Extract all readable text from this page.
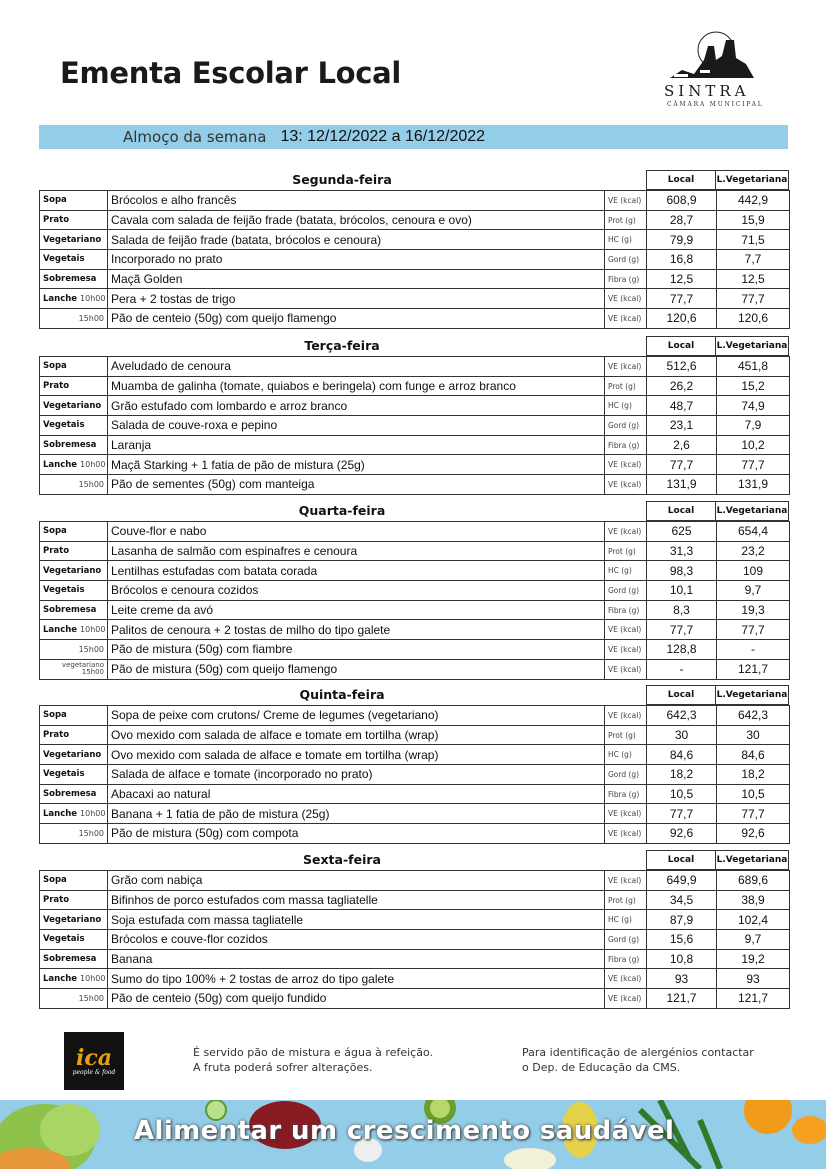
Ementa Escolar Local
SINTRA
CÂMARA MUNICIPAL
Almoço da semana 13: 12/12/2022 a 16/12/2022
Segunda-feira	Local	L.Vegetariana
Sopa	Brócolos e alho francês	VE (kcal)	608,9	442,9
Prato	Cavala com salada de feijão frade (batata, brócolos, cenoura e ovo)	Prot (g)	28,7	15,9
Vegetariano	Salada de feijão frade (batata, brócolos e cenoura)	HC (g)	79,9	71,5
Vegetais	Incorporado no prato	Gord (g)	16,8	7,7
Sobremesa	Maçã Golden	Fibra (g)	12,5	12,5
Lanche 10h00	Pera + 2 tostas de trigo	VE (kcal)	77,7	77,7
15h00	Pão de centeio (50g) com queijo flamengo	VE (kcal)	120,6	120,6
Terça-feira	Local	L.Vegetariana
Sopa	Aveludado de cenoura	VE (kcal)	512,6	451,8
Prato	Muamba de galinha (tomate, quiabos e beringela) com funge e arroz branco	Prot (g)	26,2	15,2
Vegetariano	Grão estufado com lombardo e arroz branco	HC (g)	48,7	74,9
Vegetais	Salada de couve-roxa e pepino	Gord (g)	23,1	7,9
Sobremesa	Laranja	Fibra (g)	2,6	10,2
Lanche 10h00	Maçã Starking + 1 fatia de pão de mistura (25g)	VE (kcal)	77,7	77,7
15h00	Pão de sementes (50g) com manteiga	VE (kcal)	131,9	131,9
Quarta-feira	Local	L.Vegetariana
Sopa	Couve-flor e nabo	VE (kcal)	625	654,4
Prato	Lasanha de salmão com espinafres e cenoura	Prot (g)	31,3	23,2
Vegetariano	Lentilhas estufadas com batata corada	HC (g)	98,3	109
Vegetais	Brócolos e cenoura cozidos	Gord (g)	10,1	9,7
Sobremesa	Leite creme da avó	Fibra (g)	8,3	19,3
Lanche 10h00	Palitos de cenoura + 2 tostas de milho do tipo galete	VE (kcal)	77,7	77,7
15h00	Pão de mistura (50g) com fiambre	VE (kcal)	128,8	-

vegetariano 15h00	Pão de mistura (50g) com queijo flamengo	VE (kcal)	-	121,7
Quinta-feira	Local	L.Vegetariana
Sopa	Sopa de peixe com crutons/ Creme de legumes (vegetariano)	VE (kcal)	642,3	642,3
Prato	Ovo mexido com salada de alface e tomate em tortilha (wrap)	Prot (g)	30	30
Vegetariano	Ovo mexido com salada de alface e tomate em tortilha (wrap)	HC (g)	84,6	84,6
Vegetais	Salada de alface e tomate (incorporado no prato)	Gord (g)	18,2	18,2
Sobremesa	Abacaxi ao natural	Fibra (g)	10,5	10,5
Lanche 10h00	Banana + 1 fatia de pão de mistura (25g)	VE (kcal)	77,7	77,7
15h00	Pão de mistura (50g) com compota	VE (kcal)	92,6	92,6
Sexta-feira	Local	L.Vegetariana
Sopa	Grão com nabiça	VE (kcal)	649,9	689,6
Prato	Bifinhos de porco estufados com massa tagliatelle	Prot (g)	34,5	38,9
Vegetariano	Soja estufada com massa tagliatelle	HC (g)	87,9	102,4
Vegetais	Brócolos e couve-flor cozidos	Gord (g)	15,6	9,7
Sobremesa	Banana	Fibra (g)	10,8	19,2
Lanche 10h00	Sumo do tipo 100% + 2 tostas de arroz do tipo galete	VE (kcal)	93	93
15h00	Pão de centeio (50g) com queijo fundido	VE (kcal)	121,7	121,7
ica
people & food
É servido pão de mistura e água à refeição.
A fruta poderá sofrer alterações.
Para identificação de alergénios contactar
o Dep. de Educação da CMS.
Alimentar um crescimento saudável
